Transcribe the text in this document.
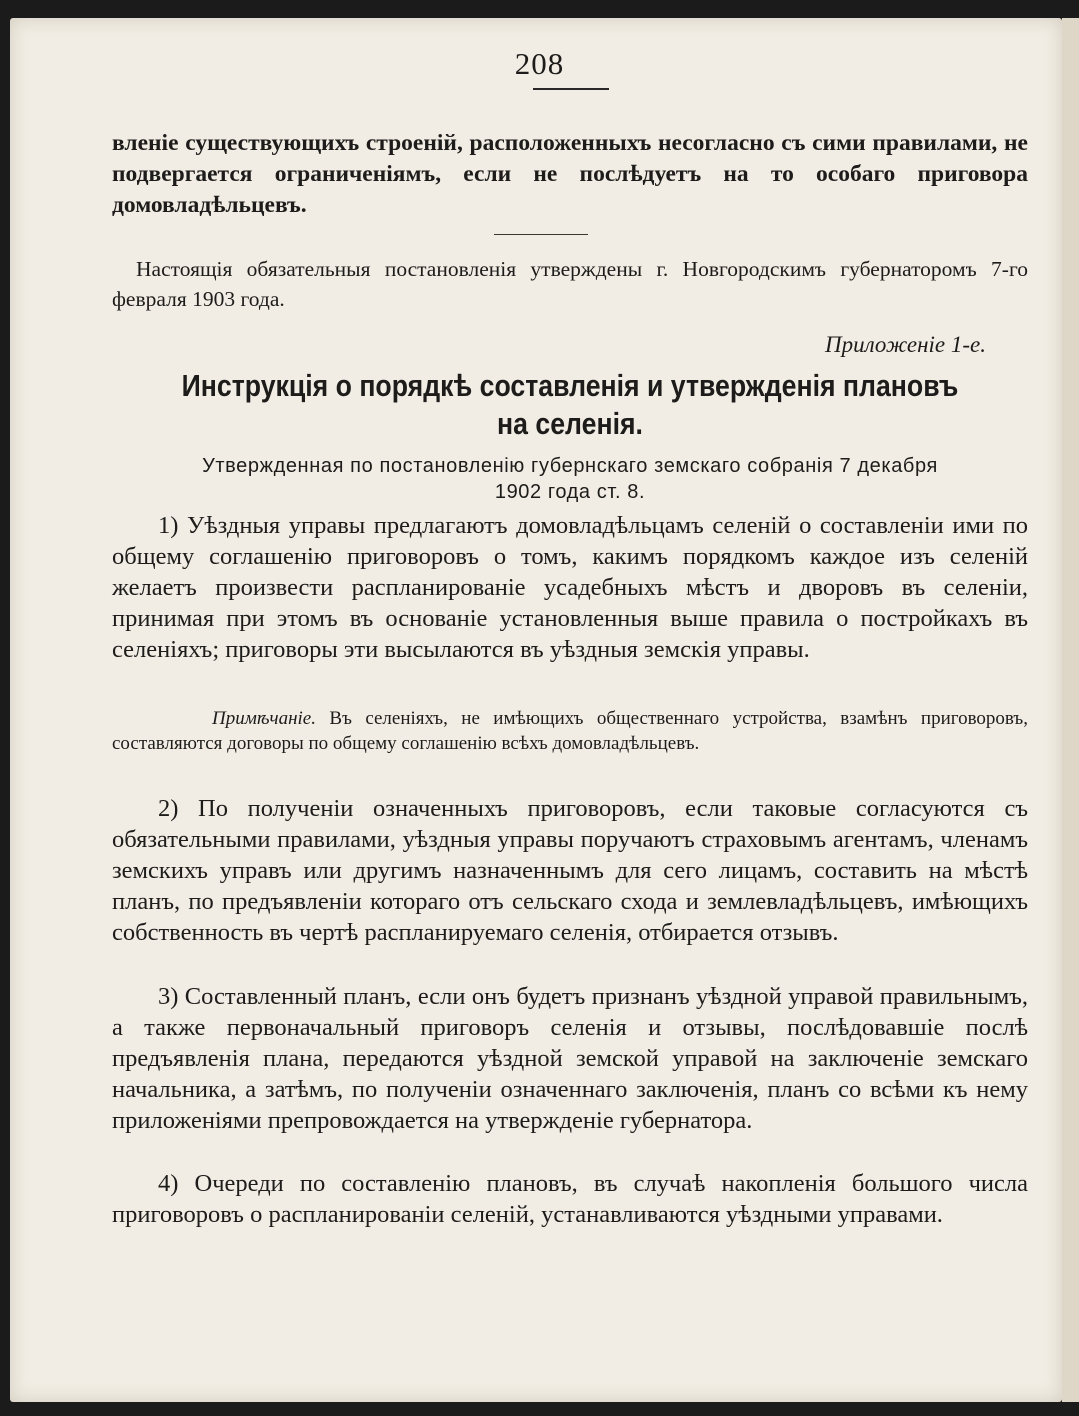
208

вленіе существующихъ строеній, расположенныхъ несогласно съ сими правилами, не подвергается ограниченіямъ, если не послѣдуетъ на то особаго приговора домовладѣльцевъ.

Настоящія обязательныя постановленія утверждены г. Новгородскимъ губернаторомъ 7-го февраля 1903 года.
Приложеніе 1-е.
Инструкція о порядкѣ составленія и утвержденія плановъ
на селенія.
Утвержденная по постановленію губернскаго земскаго собранія 7 декабря
1902 года ст. 8.

1) Уѣздныя управы предлагаютъ домовладѣльцамъ селеній о составленіи ими по общему соглашенію приговоровъ о томъ, какимъ порядкомъ каждое изъ селеній желаетъ произвести распланированіе усадебныхъ мѣстъ и дворовъ въ селеніи, принимая при этомъ въ основаніе установленныя выше правила о постройкахъ въ селеніяхъ; приговоры эти высылаются въ уѣздныя земскія управы.

Примѣчаніе. Въ селеніяхъ, не имѣющихъ общественнаго устройства, взамѣнъ приговоровъ, составляются договоры по общему соглашенію всѣхъ домовладѣльцевъ.

2) По полученіи означенныхъ приговоровъ, если таковые согласуются съ обязательными правилами, уѣздныя управы поручаютъ страховымъ агентамъ, членамъ земскихъ управъ или другимъ назначеннымъ для сего лицамъ, составить на мѣстѣ планъ, по предъявленіи котораго отъ сельскаго схода и землевладѣльцевъ, имѣющихъ собственность въ чертѣ распланируемаго селенія, отбирается отзывъ.

3) Составленный планъ, если онъ будетъ признанъ уѣздной управой правильнымъ, а также первоначальный приговоръ селенія и отзывы, послѣдовавшіе послѣ предъявленія плана, передаются уѣздной земской управой на заключеніе земскаго начальника, а затѣмъ, по полученіи означеннаго заключенія, планъ со всѣми къ нему приложеніями препровождается на утвержденіе губернатора.

4) Очереди по составленію плановъ, въ случаѣ накопленія большого числа приговоровъ о распланированіи селеній, устанавливаются уѣздными управами.
